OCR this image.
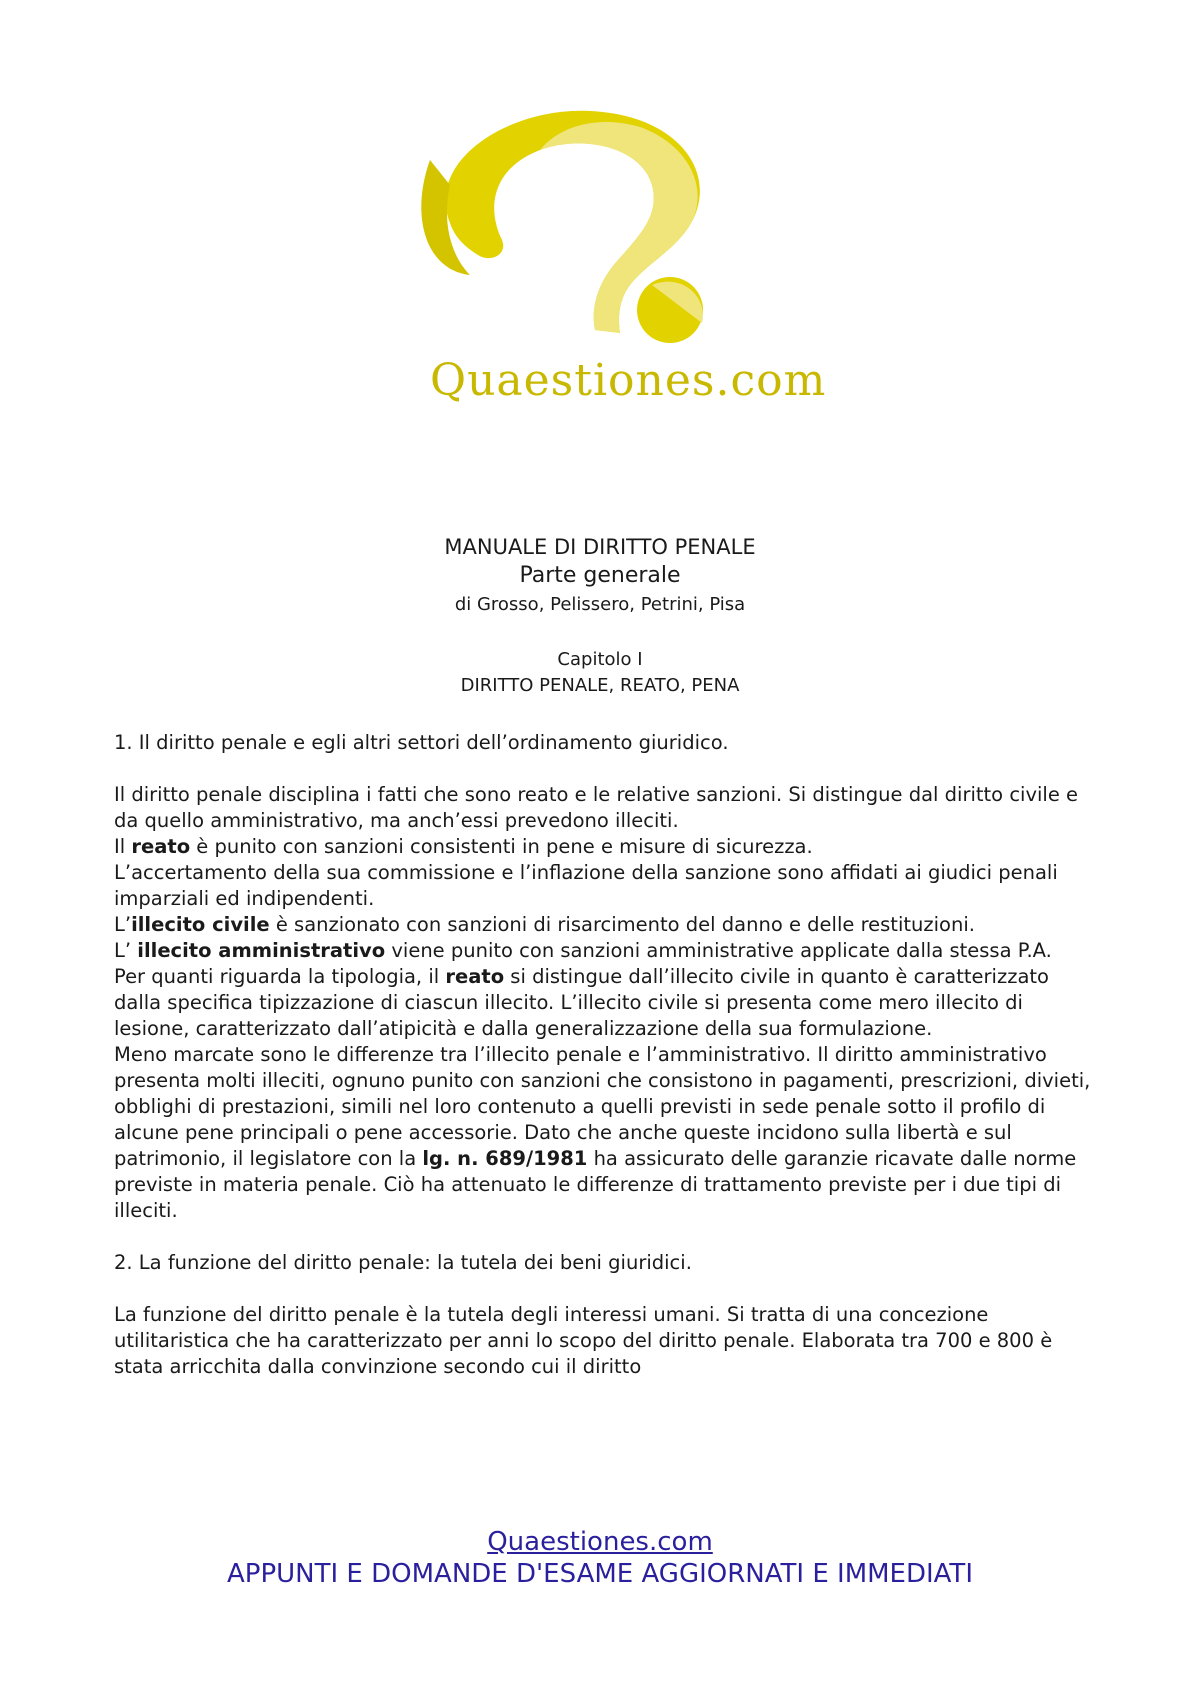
Quaestiones.com
MANUALE DI DIRITTO PENALE
Parte generale
di Grosso, Pelissero, Petrini, Pisa
Capitolo I
DIRITTO PENALE, REATO, PENA

1. Il diritto penale e egli altri settori dell’ordinamento giuridico.

Il diritto penale disciplina i fatti che sono reato e le relative sanzioni. Si distingue dal diritto civile e da quello amministrativo, ma anch’essi prevedono illeciti.

Il reato è punito con sanzioni consistenti in pene e misure di sicurezza.

L’accertamento della sua commissione e l’inflazione della sanzione sono affidati ai giudici penali imparziali ed indipendenti.

L’illecito civile è sanzionato con sanzioni di risarcimento del danno e delle restituzioni.

L’ illecito amministrativo viene punito con sanzioni amministrative applicate dalla stessa P.A.

Per quanti riguarda la tipologia, il reato si distingue dall’illecito civile in quanto è caratterizzato dalla specifica tipizzazione di ciascun illecito. L’illecito civile si presenta come mero illecito di lesione, caratterizzato dall’atipicità e dalla generalizzazione della sua formulazione.

Meno marcate sono le differenze tra l’illecito penale e l’amministrativo. Il diritto amministrativo presenta molti illeciti, ognuno punito con sanzioni che consistono in pagamenti, prescrizioni, divieti, obblighi di prestazioni, simili nel loro contenuto a quelli previsti in sede penale sotto il profilo di alcune pene principali o pene accessorie. Dato che anche queste incidono sulla libertà e sul patrimonio, il legislatore con la lg. n. 689/1981 ha assicurato delle garanzie ricavate dalle norme previste in materia penale. Ciò ha attenuato le differenze di trattamento previste per i due tipi di illeciti.

2. La funzione del diritto penale: la tutela dei beni giuridici.

La funzione del diritto penale è la tutela degli interessi umani. Si tratta di una concezione utilitaristica che ha caratterizzato per anni lo scopo del diritto penale. Elaborata tra 700 e 800 è stata arricchita dalla convinzione secondo cui il diritto

Quaestiones.com
APPUNTI E DOMANDE D'ESAME AGGIORNATI E IMMEDIATI
